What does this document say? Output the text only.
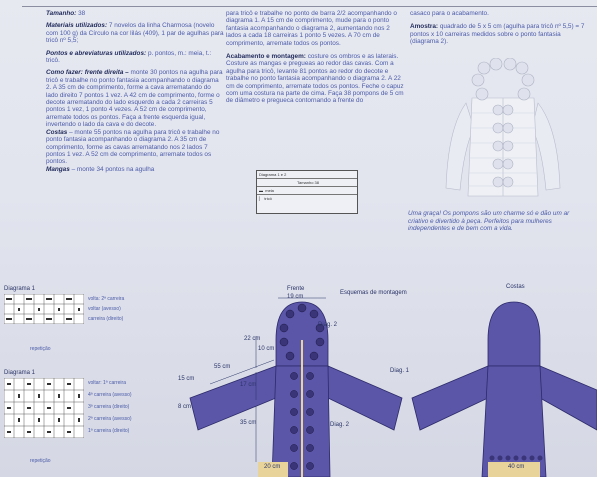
Tamanho: 38

Materiais utilizados: 7 novelos da linha Charmosa (novelo com 100 g) da Círculo na cor lilás (409), 1 par de agulhas para tricô nº 5,5;

Pontos e abreviaturas utilizados: p. pontos, m.: meia, t.: tricô.

Como fazer: frente direita – monte 30 pontos na agulha para tricô e trabalhe no ponto fantasia acompanhando o diagrama 2. A 35 cm de comprimento, forme a cava arrematando do lado direito 7 pontos 1 vez. A 42 cm de comprimento, forme o decote arrematando do lado esquerdo a cada 2 carreiras 5 pontos 1 vez, 1 ponto 4 vezes. A 52 cm de comprimento, arremate todos os pontos. Faça a frente esquerda igual, invertendo o lado da cava e do decote.

Costas – monte 55 pontos na agulha para tricô e trabalhe no ponto fantasia acompanhando o diagrama 2. A 35 cm de comprimento, forme as cavas arrematando nos 2 lados 7 pontos 1 vez. A 52 cm de comprimento, arremate todos os pontos.

Mangas – monte 34 pontos na agulha

para tricô e trabalhe no ponto de barra 2/2 acompanhando o diagrama 1. A 15 cm de comprimento, mude para o ponto fantasia acompanhando o diagrama 2, aumentando nos 2 lados a cada 18 carreiras 1 ponto 5 vezes. A 70 cm de comprimento, arremate todos os pontos.

Acabamento e montagem: costure os ombros e as laterais. Costure as mangas e pregueas ao redor das cavas. Com a agulha para tricô, levante 81 pontos ao redor do decote e trabalhe no ponto fantasia acompanhando o diagrama 2. A 22 cm de comprimento, arremate todos os pontos. Feche o capuz com uma costura na parte de cima. Faça 38 pompons de 5 cm de diâmetro e pregueca contornando a frente do

casaco para o acabamento.

Amostra: quadrado de 5 x 5 cm (agulha para tricô nº 5,5) = 7 pontos x 10 carreiras medidos sobre o ponto fantasia (diagrama 2).

Uma graça! Os pompons são um charme só e dão um ar criativo e divertido à peça. Perfeitos para mulheres independentes e de bem com a vida.
Diagrama 1 e 2
Tamanho 38
▬  meia
▏  tricô
Diagrama 1
volta: 2ª carreira
voltar (avesso)
carreira (direito)
repetição
Diagrama 1
voltar: 1ª carreira
4ª carreira (avesso)
3ª carreira (direito)
2ª carreira (avesso)
1ª carreira (direito)
repetição
Frente
Esquemas de montagem
Costas
19 cm
Diag. 2
Diag. 1
Diag. 2
10 cm
55 cm
15 cm
22 cm
17 cm
35 cm
8 cm
20 cm	40 cm
